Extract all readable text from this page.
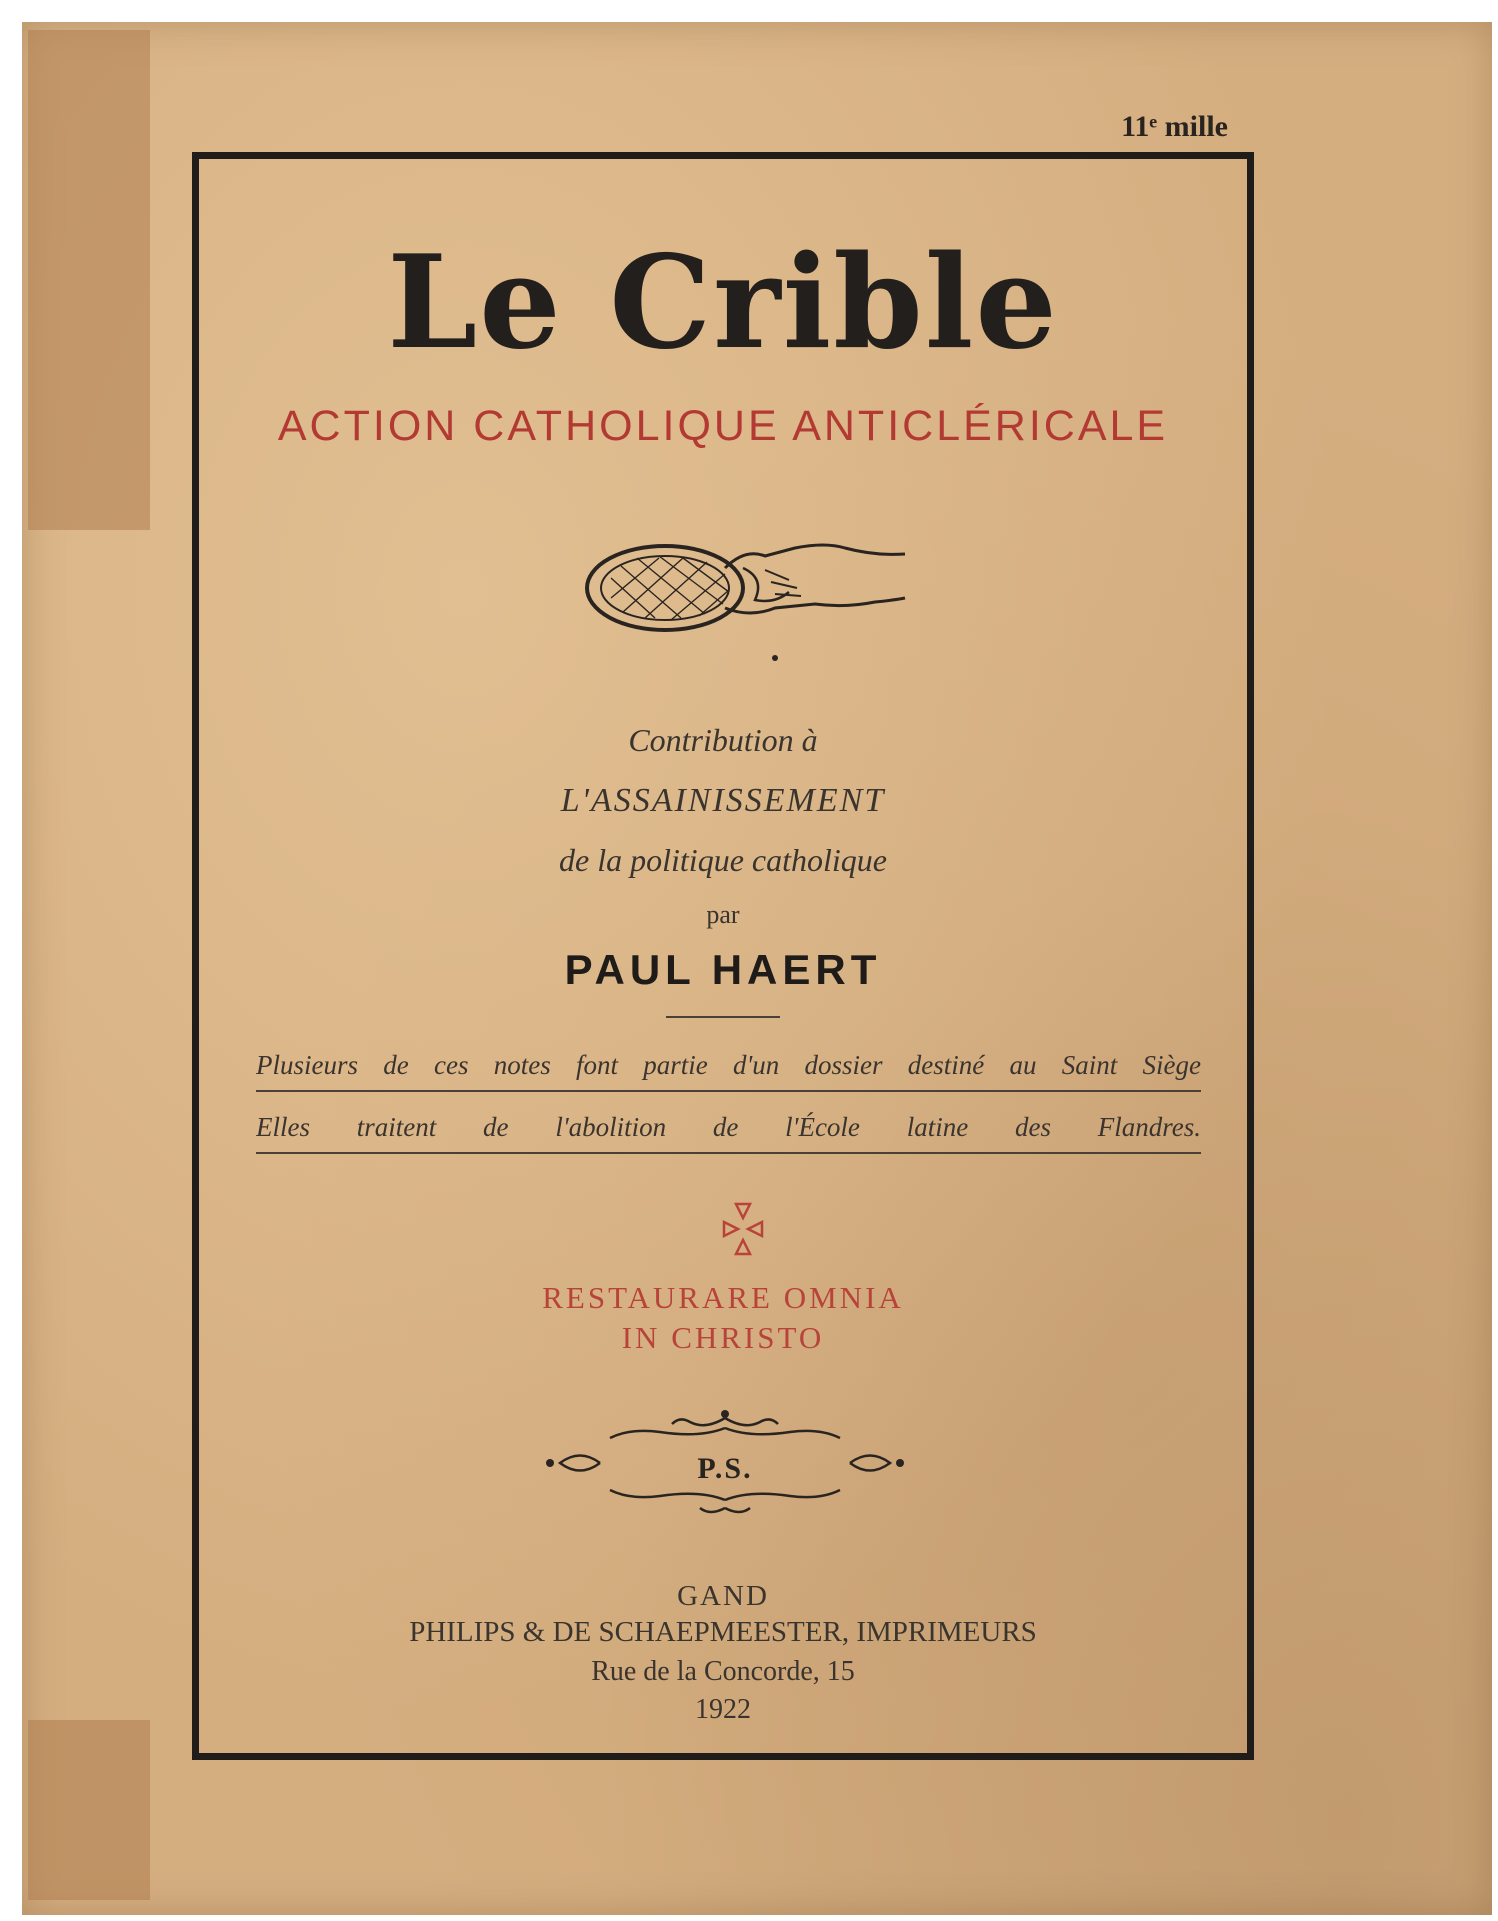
11ᵉ mille
Le Crible
ACTION CATHOLIQUE ANTICLÉRICALE
Contribution à
L'ASSAINISSEMENT
de la politique catholique
par
PAUL HAERT
Plusieurs de ces notes font partie d'un dossier destiné au Saint Siège
Elles traitent de l'abolition de l'École latine des Flandres.
RESTAURARE OMNIA
IN CHRISTO
P.S.
GAND
PHILIPS & DE SCHAEPMEESTER, IMPRIMEURS
Rue de la Concorde, 15
1922
